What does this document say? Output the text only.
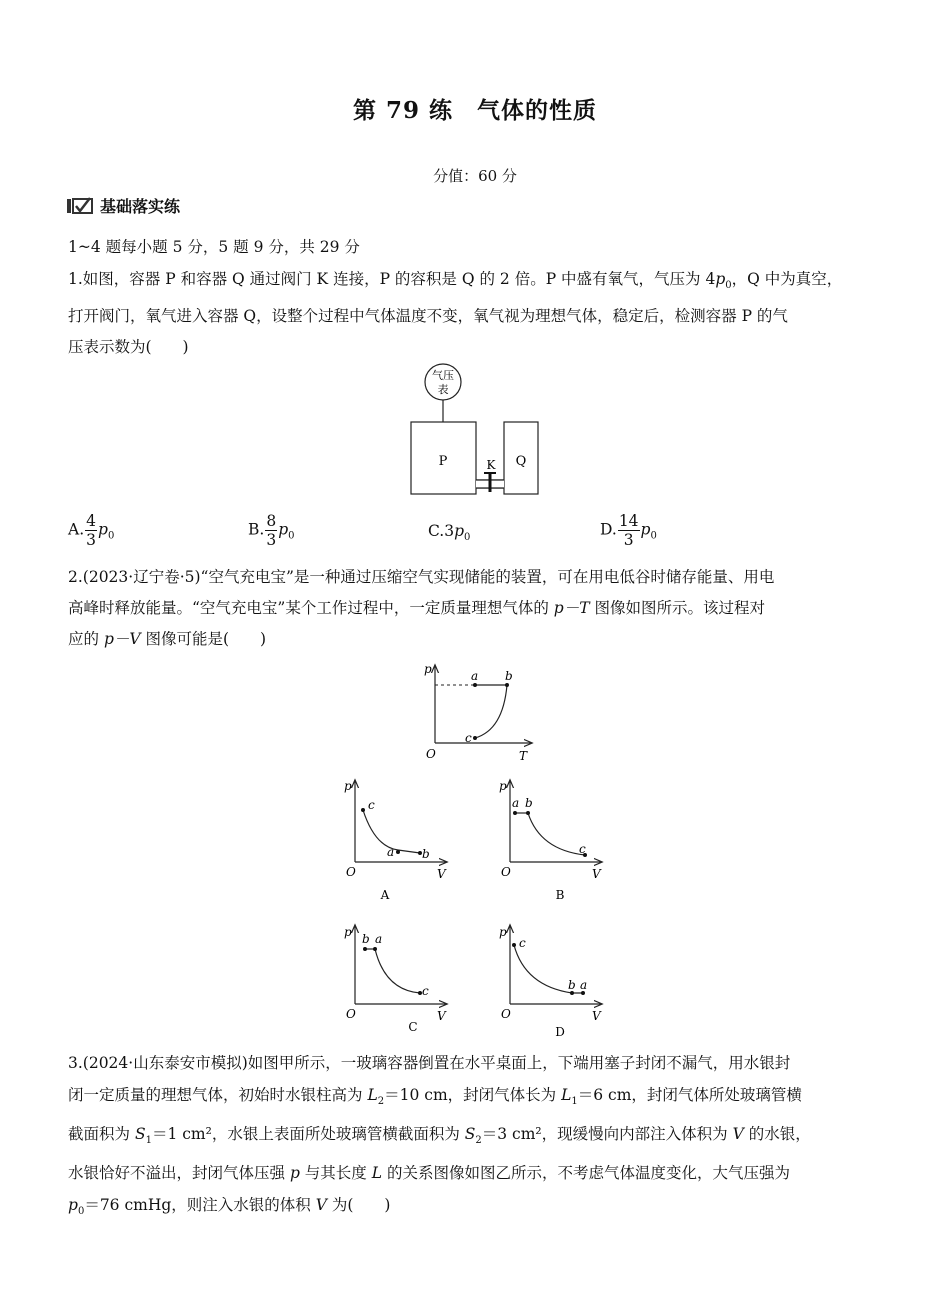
第 79 练　气体的性质
分值：60 分
基础落实练
1~4 题每小题 5 分，5 题 9 分，共 29 分
1.如图，容器 P 和容器 Q 通过阀门 K 连接，P 的容积是 Q 的 2 倍。P 中盛有氧气，气压为 $4p_0$，Q 中为真空，
打开阀门，氧气进入容器 Q，设整个过程中气体温度不变，氧气视为理想气体，稳定后，检测容器 P 的气
压表示数为(　　)
气压
表
P	K Q
A. $\frac{4}{3} p_0$	B. $\frac{8}{3} p_0$	$C.3p_0$	D. $\frac{14}{3} p_0$
2.(2023·辽宁卷·5)“空气充电宝”是一种通过压缩空气实现储能的装置，可在用电低谷时储存能量、用电
高峰时释放能量。“空气充电宝”某个工作过程中，一定质量理想气体的 p－T 图像如图所示。该过程对
应的 p－V 图像可能是(　　)
p
T
O
a b
c
p
V
O
c
a b
A
p
V
O
a b
c
B
p
V
O
b a
c
C
p
V
O
c
b a
D
3.(2024·山东泰安市模拟)如图甲所示，一玻璃容器倒置在水平桌面上，下端用塞子封闭不漏气，用水银封
闭一定质量的理想气体，初始时水银柱高为 $L_2=10$ cm，封闭气体长为 $L_1=6$ cm，封闭气体所处玻璃管横
截面积为 $S_1=1$ cm²，水银上表面所处玻璃管横截面积为 $S_2=3$ cm²，现缓慢向内部注入体积为 V 的水银，
水银恰好不溢出，封闭气体压强 p 与其长度 L 的关系图像如图乙所示，不考虑气体温度变化，大气压强为
$p_0=76$ cmHg，则注入水银的体积 V 为(　　)
